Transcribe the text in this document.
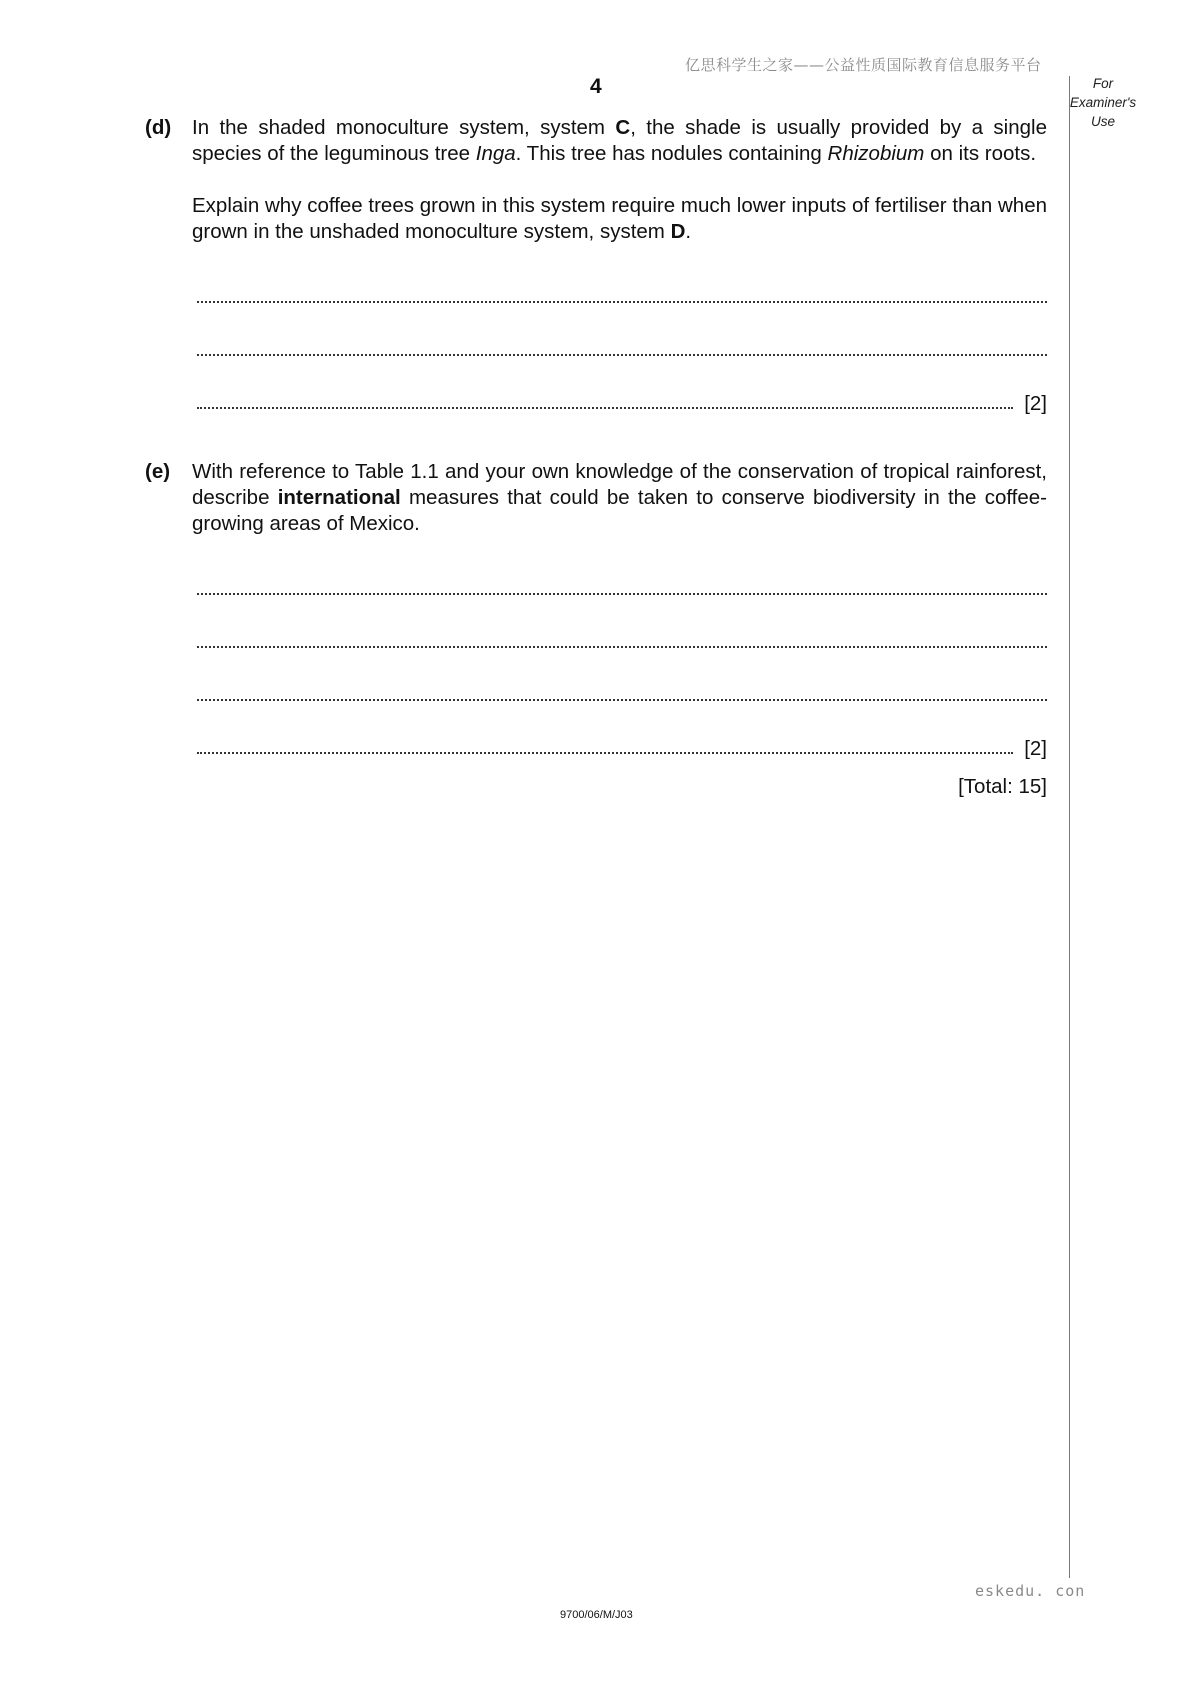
亿思科学生之家——公益性质国际教育信息服务平台
4	For
Examiner's
Use
(d) In the shaded monoculture system, system C, the shade is usually provided by a single species of the leguminous tree Inga. This tree has nodules containing Rhizobium on its roots.

Explain why coffee trees grown in this system require much lower inputs of fertiliser than when grown in the unshaded monoculture system, system D.

[2]
(e) With reference to Table 1.1 and your own knowledge of the conservation of tropical rainforest, describe international measures that could be taken to conserve biodiversity in the coffee-growing areas of Mexico.

[2]
[Total: 15]
eskedu. con
9700/06/M/J03
